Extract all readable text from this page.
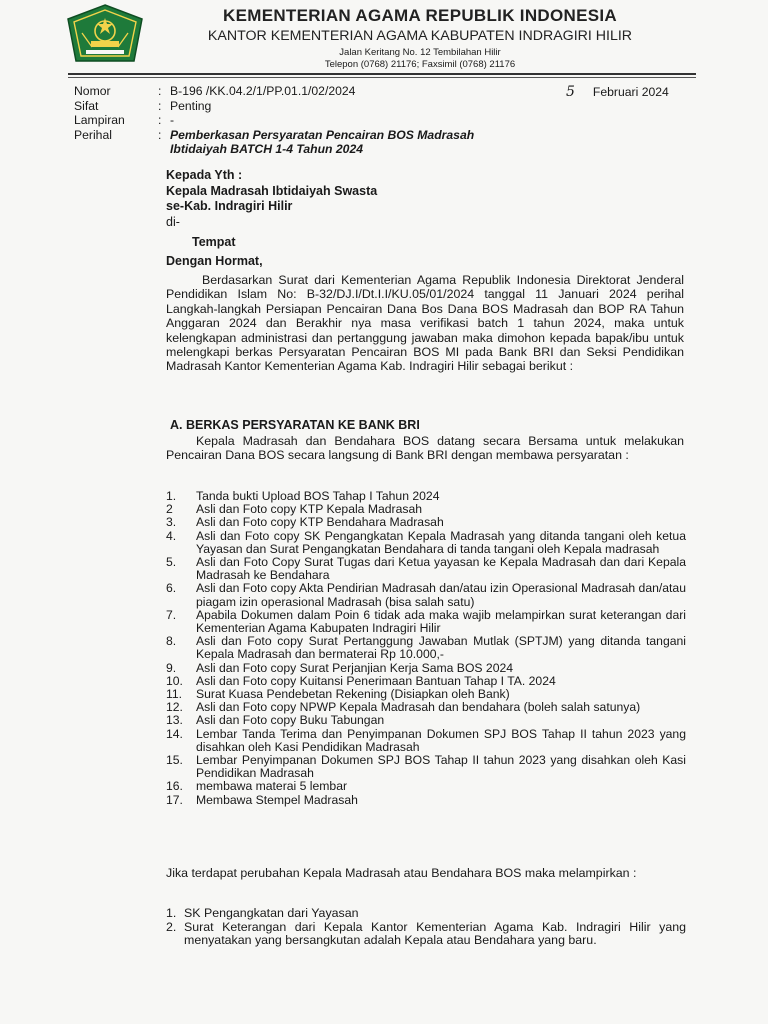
KEMENTERIAN AGAMA REPUBLIK INDONESIA
KANTOR KEMENTERIAN AGAMA KABUPATEN INDRAGIRI HILIR
Jalan Keritang No. 12 Tembilahan Hilir
Telepon (0768) 21176; Faxsimil (0768) 21176
Nomor	: B-196 /KK.04.2/1/PP.01.1/02/2024
Sifat	: Penting
Lampiran	: -
Perihal	: Pemberkasan Persyaratan Pencairan BOS Madrasah Ibtidaiyah BATCH 1-4 Tahun 2024
5 Februari 2024
Kepada Yth :
Kepala Madrasah Ibtidaiyah Swasta
se-Kab. Indragiri Hilir
di-
Tempat
Dengan Hormat,
Berdasarkan Surat dari Kementerian Agama Republik Indonesia Direktorat Jenderal Pendidikan Islam No: B-32/DJ.I/Dt.I.I/KU.05/01/2024 tanggal 11 Januari 2024 perihal Langkah-langkah Persiapan Pencairan Dana Bos Dana BOS Madrasah dan BOP RA Tahun Anggaran 2024 dan Berakhir nya masa verifikasi batch 1 tahun 2024, maka untuk kelengkapan administrasi dan pertanggung jawaban maka dimohon kepada bapak/ibu untuk melengkapi berkas Persyaratan Pencairan BOS MI pada Bank BRI dan Seksi Pendidikan Madrasah Kantor Kementerian Agama Kab. Indragiri Hilir sebagai berikut :
A. BERKAS PERSYARATAN KE BANK BRI
Kepala Madrasah dan Bendahara BOS datang secara Bersama untuk melakukan Pencairan Dana BOS secara langsung di Bank BRI dengan membawa persyaratan :
1.	Tanda bukti Upload BOS Tahap I Tahun 2024
2	Asli dan Foto copy KTP Kepala Madrasah
3.	Asli dan Foto copy KTP Bendahara Madrasah
4.	Asli dan Foto copy SK Pengangkatan Kepala Madrasah yang ditanda tangani oleh ketua Yayasan dan Surat Pengangkatan Bendahara di tanda tangani oleh Kepala madrasah
5.	Asli dan Foto Copy Surat Tugas dari Ketua yayasan ke Kepala Madrasah dan dari Kepala Madrasah ke Bendahara
6.	Asli dan Foto copy Akta Pendirian Madrasah dan/atau izin Operasional Madrasah dan/atau piagam izin operasional Madrasah (bisa salah satu)
7.	Apabila Dokumen dalam Poin 6 tidak ada maka wajib melampirkan surat keterangan dari Kementerian Agama Kabupaten Indragiri Hilir
8.	Asli dan Foto copy Surat Pertanggung Jawaban Mutlak (SPTJM) yang ditanda tangani Kepala Madrasah dan bermaterai Rp 10.000,-
9.	Asli dan Foto copy Surat Perjanjian Kerja Sama BOS 2024
10.	Asli dan Foto copy Kuitansi Penerimaan Bantuan Tahap I TA. 2024
11.	Surat Kuasa Pendebetan Rekening (Disiapkan oleh Bank)
12.	Asli dan Foto copy NPWP Kepala Madrasah dan bendahara (boleh salah satunya)
13.	Asli dan Foto copy Buku Tabungan
14.	Lembar Tanda Terima dan Penyimpanan Dokumen SPJ BOS Tahap II tahun 2023 yang disahkan oleh Kasi Pendidikan Madrasah
15.	Lembar Penyimpanan Dokumen SPJ BOS Tahap II tahun 2023 yang disahkan oleh Kasi Pendidikan Madrasah
16.	membawa materai 5 lembar
17.	Membawa Stempel Madrasah
Jika terdapat perubahan Kepala Madrasah atau Bendahara BOS maka melampirkan :
1. SK Pengangkatan dari Yayasan
2. Surat Keterangan dari Kepala Kantor Kementerian Agama Kab. Indragiri Hilir yang menyatakan yang bersangkutan adalah Kepala atau Bendahara yang baru.
